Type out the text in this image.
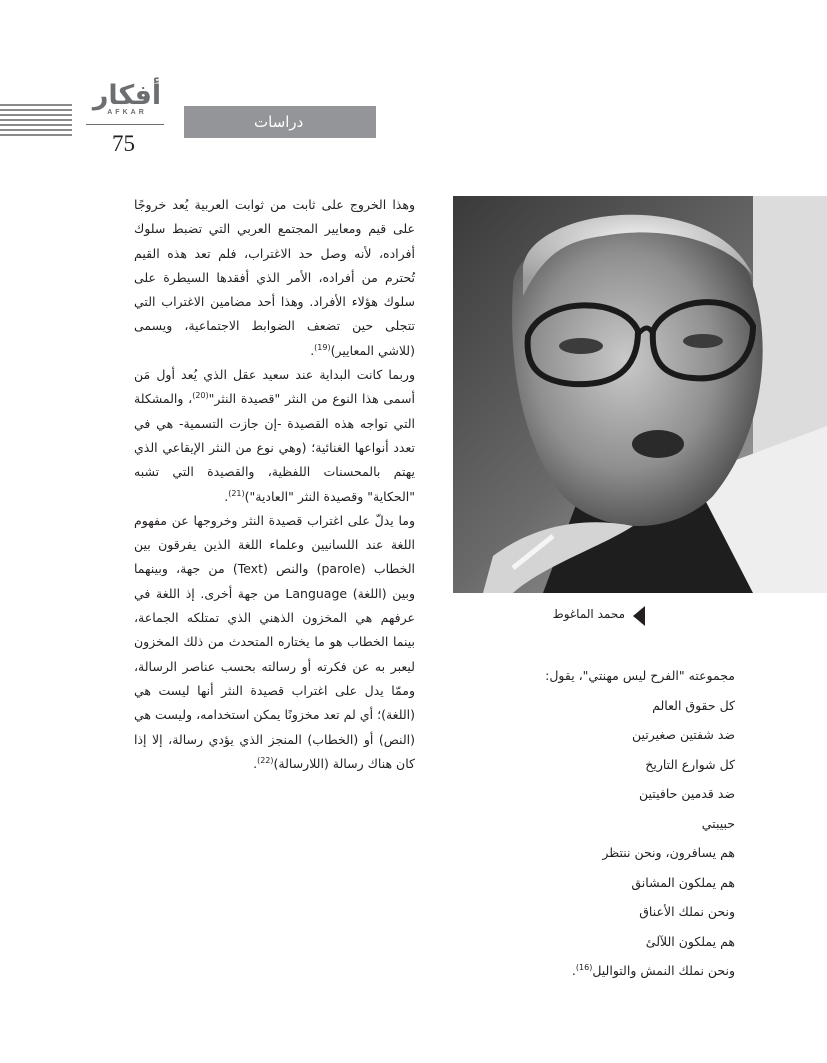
أفكار
AFKAR
75
دراسات

وهذا الخروج على ثابت من ثوابت العربية يُعد خروجًا على قيم ومعايير المجتمع العربي التي تضبط سلوك أفراده، لأنه وصل حد الاغتراب، فلم تعد هذه القيم تُحترم من أفراده، الأمر الذي أفقدها السيطرة على سلوك هؤلاء الأفراد. وهذا أحد مضامين الاغتراب التي تتجلى حين تضعف الضوابط الاجتماعية، ويسمى (للاشي المعايير)$^{(19)}$.

وربما كانت البداية عند سعيد عقل الذي يُعد أول مَن أسمى هذا النوع من النثر "قصيدة النثر"$^{(20)}$، والمشكلة التي تواجه هذه القصيدة -إن جازت التسمية- هي في تعدد أنواعها الغنائية؛ (وهي نوع من النثر الإيقاعي الذي يهتم بالمحسنات اللفظية، والقصيدة التي تشبه "الحكاية" وقصيدة النثر "العادية")$^{(21)}$.

وما يدلّ على اغتراب قصيدة النثر وخروجها عن مفهوم اللغة عند اللسانيين وعلماء اللغة الذين يفرقون بين الخطاب (parole) والنص (Text) من جهة، وبينهما وبين (اللغة) Language من جهة أخرى. إذ اللغة في عرفهم هي المخزون الذهني الذي تمتلكه الجماعة، بينما الخطاب هو ما يختاره المتحدث من ذلك المخزون ليعبر به عن فكرته أو رسالته بحسب عناصر الرسالة، وممّا يدل على اغتراب قصيدة النثر أنها ليست هي (اللغة)؛ أي لم تعد مخزونًا يمكن استخدامه، وليست هي (النص) أو (الخطاب) المنجز الذي يؤدي رسالة، إلا إذا كان هناك رسالة (اللارسالة)$^{(22)}$.

محمد الماغوط
مجموعته "الفرح ليس مهنتي"، يقول:
كل حقوق العالم
ضد شفتين صغيرتين
كل شوارع التاريخ
ضد قدمين حافيتين
حبيبتي
هم يسافرون، ونحن ننتظر
هم يملكون المشانق
ونحن نملك الأعناق
هم يملكون اللآلئ
ونحن نملك النمش والتواليل$^{(16)}$.
